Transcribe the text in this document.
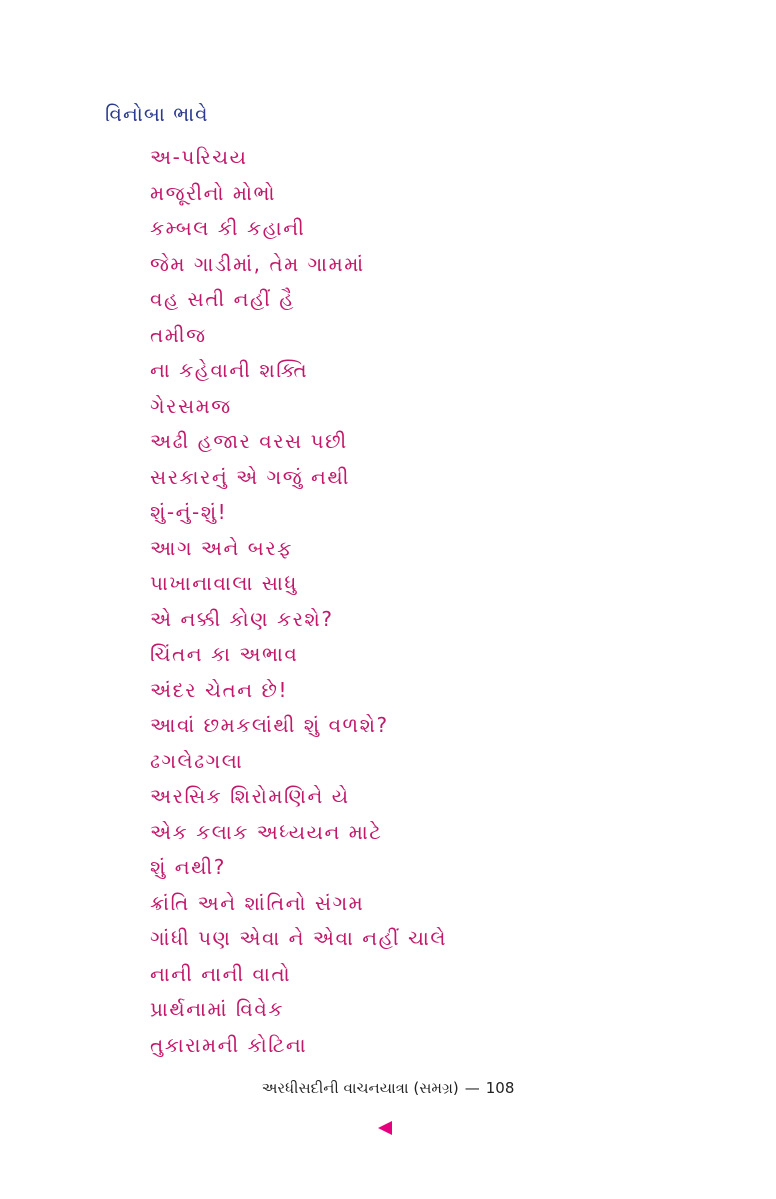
વિનોબા ભાવે
અ-પરિચય
મજૂરીનો મોભો
કમ્બલ કી કહાની
જેમ ગાડીમાં, તેમ ગામમાં
વહ સતી નહીં હૈ
તમીજ
ના કહેવાની શક્તિ
ગેરસમજ
અઢી હજાર વરસ પછી
સરકારનું એ ગજું નથી
શું-નું-શું!
આગ અને બરફ
પાખાનાવાલા સાધુ
એ નક્કી કોણ કરશે?
ચિંતન કા અભાવ
અંદર ચેતન છે!
આવાં છમકલાંથી શું વળશે?
ઢગલેઢગલા
અરસિક શિરોમણિને યે
એક કલાક અધ્યયન માટે
શું નથી?
ક્રાંતિ અને શાંતિનો સંગમ
ગાંધી પણ એવા ને એવા નહીં ચાલે
નાની નાની વાતો
પ્રાર્થનામાં વિવેક
તુકારામની કોટિના
અરધીસદીની વાચનયાત્રા (સમગ્ર) — 108
